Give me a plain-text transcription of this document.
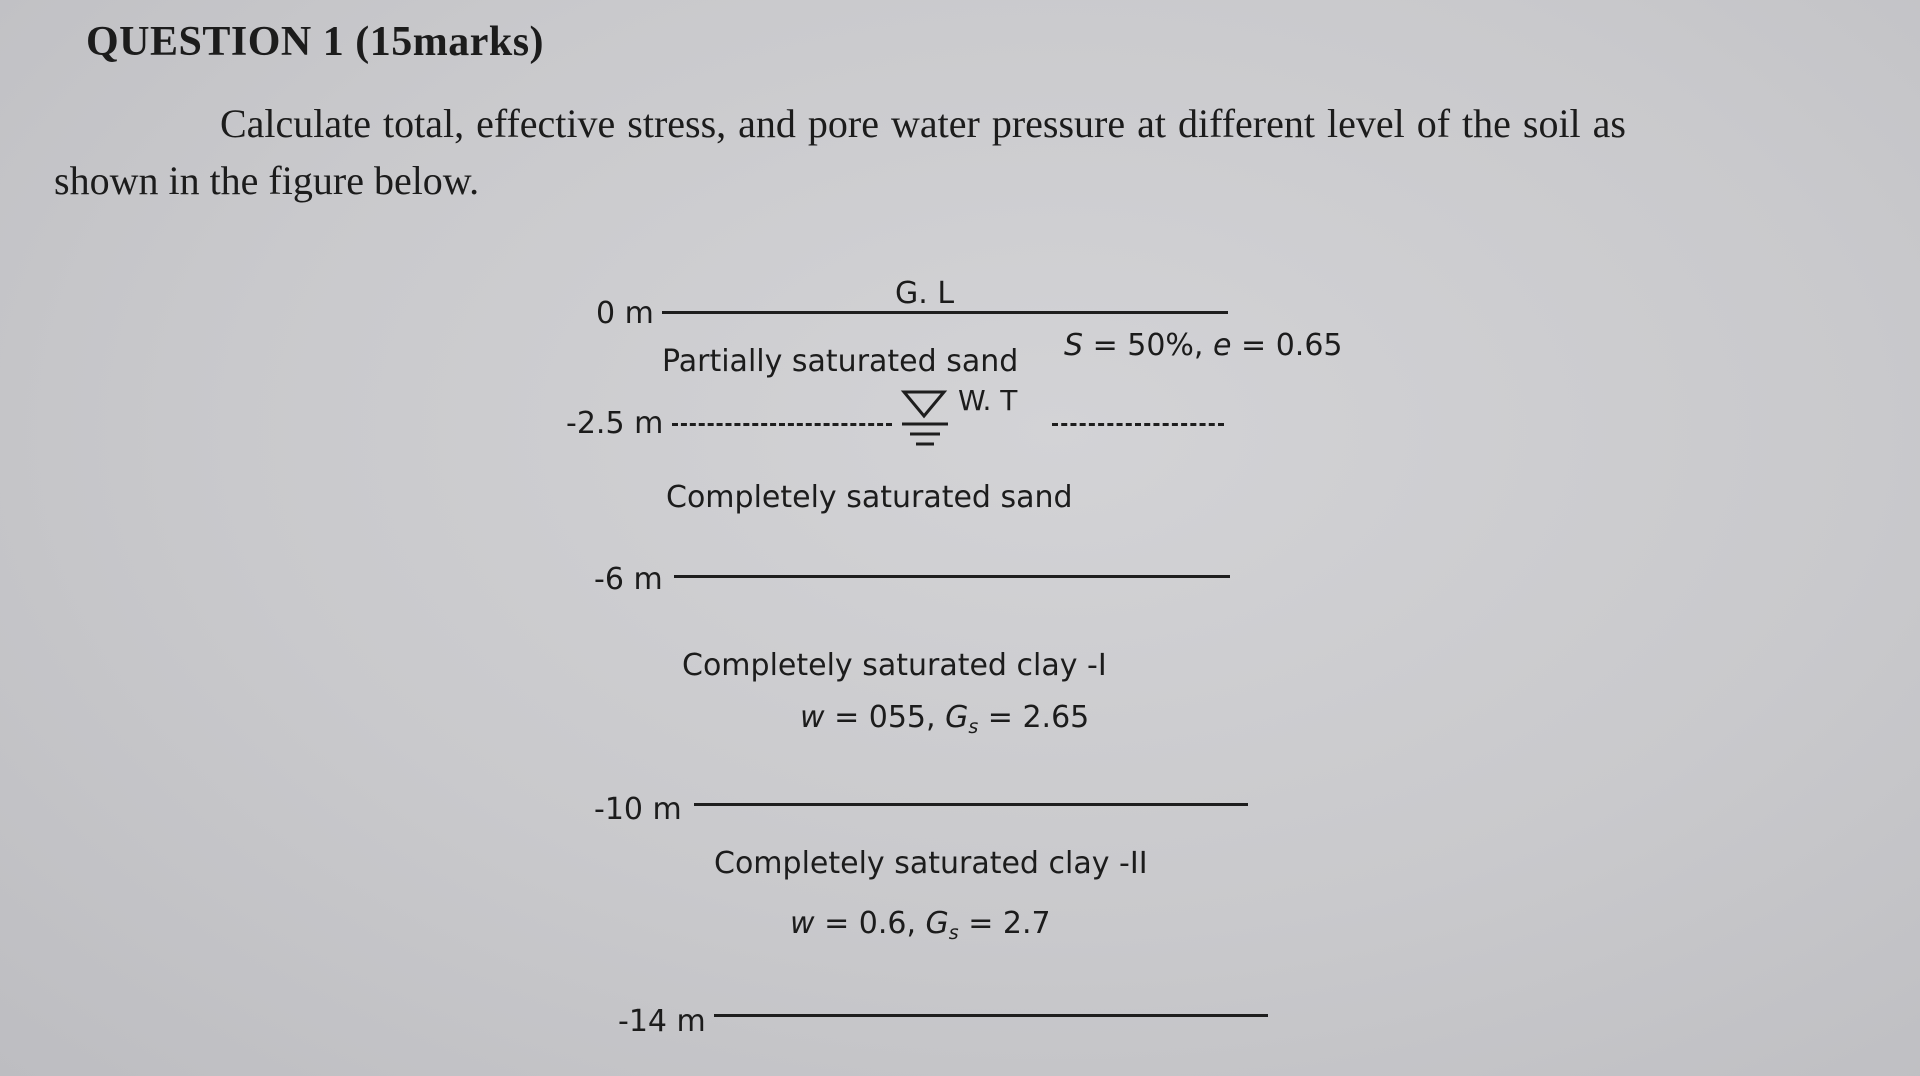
QUESTION 1 (15marks)
Calculate total, effective stress, and pore water pressure at different level of the soil as
shown in the figure below.
0 m
G. L
Partially saturated sand S = 50%, e = 0.65
-2.5 m
W. T
Completely saturated sand
-6 m
Completely saturated clay -I
w = 055, $G_s = 2.65$
-10 m
Completely saturated clay -II
w = 0.6, $G_s = 2.7$
-14 m
